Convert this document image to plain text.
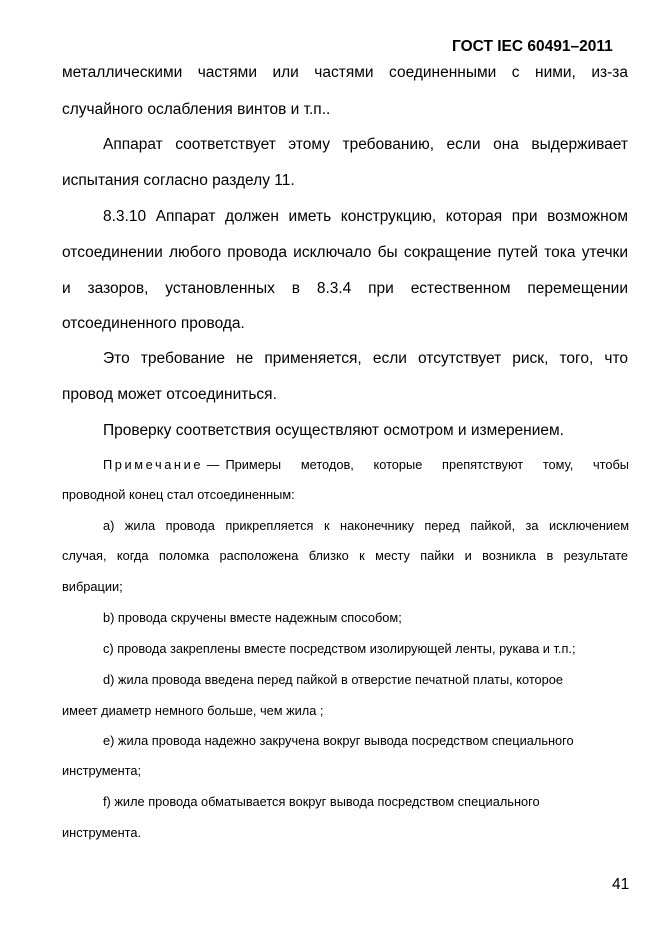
ГОСТ IEC 60491–2011
металлическими частями или частями соединенными с ними, из-за
случайного ослабления винтов и т.п..
Аппарат соответствует этому требованию, если она выдерживает
испытания согласно разделу 11.
8.3.10 Аппарат должен иметь конструкцию, которая при возможном
отсоединении любого провода исключало бы сокращение путей тока утечки
и зазоров, установленных в 8.3.4 при естественном перемещении
отсоединенного провода.
Это требование не применяется, если отсутствует риск, того, что
провод может отсоединиться.
Проверку соответствия осуществляют осмотром и измерением.
Примечание — Примеры методов, которые препятствуют тому, чтобы
проводной конец стал отсоединенным:
а) жила провода прикрепляется к наконечнику перед пайкой, за исключением
случая, когда поломка расположена близко к месту пайки и возникла в результате
вибрации;
b) провода скручены вместе надежным способом;
с) провода закреплены вместе посредством изолирующей ленты, рукава и т.п.;
d) жила провода введена перед пайкой в отверстие печатной платы, которое
имеет диаметр немного больше, чем жила ;
e) жила провода надежно закручена вокруг вывода посредством специального
инструмента;
f) жиле провода обматывается вокруг вывода посредством специального
инструмента.
41
